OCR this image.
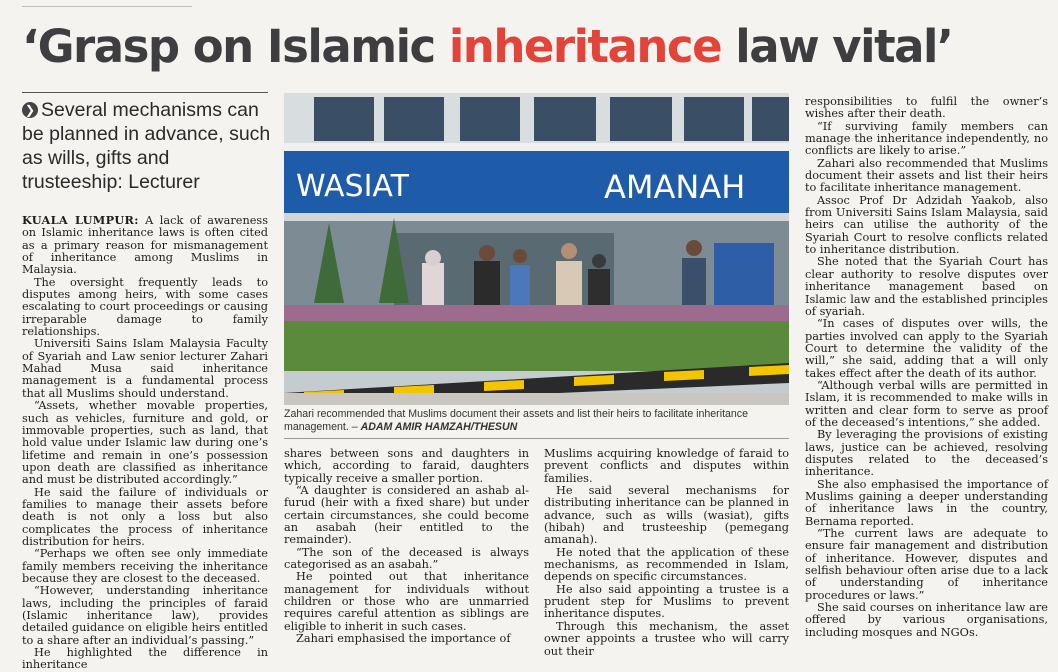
‘Grasp on Islamic inheritance law vital’
❯ Several mechanisms can be planned in advance, such as wills, gifts and trusteeship: Lecturer

KUALA LUMPUR: A lack of awareness on Islamic inheritance laws is often cited as a primary reason for mismanagement of inheritance among Muslims in Malaysia.

The oversight frequently leads to disputes among heirs, with some cases escalating to court proceedings or causing irreparable damage to family relationships.

Universiti Sains Islam Malaysia Faculty of Syariah and Law senior lecturer Zahari Mahad Musa said inheritance management is a fundamental process that all Muslims should understand.

“Assets, whether movable properties, such as vehicles, furniture and gold, or immovable properties, such as land, that hold value under Islamic law during one’s lifetime and remain in one’s possession upon death are classified as inheritance and must be distributed accordingly.”

He said the failure of individuals or families to manage their assets before death is not only a loss but also complicates the process of inheritance distribution for heirs.

“Perhaps we often see only immediate family members receiving the inheritance because they are closest to the deceased.

“However, understanding inheritance laws, including the principles of faraid (Islamic inheritance law), provides detailed guidance on eligible heirs entitled to a share after an individual’s passing.”

He highlighted the difference in inheritance

WASIAT	AMANAH
Zahari recommended that Muslims document their assets and list their heirs to facilitate inheritance management. – ADAM AMIR HAMZAH/THESUN

shares between sons and daughters in which, according to faraid, daughters typically receive a smaller portion.

“A daughter is considered an ashab al-furud (heir with a fixed share) but under certain circumstances, she could become an asabah (heir entitled to the remainder).

“The son of the deceased is always categorised as an asabah.”

He pointed out that inheritance management for individuals without children or those who are unmarried requires careful attention as siblings are eligible to inherit in such cases.

Zahari emphasised the importance of

Muslims acquiring knowledge of faraid to prevent conflicts and disputes within families.

He said several mechanisms for distributing inheritance can be planned in advance, such as wills (wasiat), gifts (hibah) and trusteeship (pemegang amanah).

He noted that the application of these mechanisms, as recommended in Islam, depends on specific circumstances.

He also said appointing a trustee is a prudent step for Muslims to prevent inheritance disputes.

Through this mechanism, the asset owner appoints a trustee who will carry out their

responsibilities to fulfil the owner’s wishes after their death.

“If surviving family members can manage the inheritance independently, no conflicts are likely to arise.”

Zahari also recommended that Muslims document their assets and list their heirs to facilitate inheritance management.

Assoc Prof Dr Adzidah Yaakob, also from Universiti Sains Islam Malaysia, said heirs can utilise the authority of the Syariah Court to resolve conflicts related to inheritance distribution.

She noted that the Syariah Court has clear authority to resolve disputes over inheritance management based on Islamic law and the established principles of syariah.

“In cases of disputes over wills, the parties involved can apply to the Syariah Court to determine the validity of the will,” she said, adding that a will only takes effect after the death of its author.

“Although verbal wills are permitted in Islam, it is recommended to make wills in written and clear form to serve as proof of the deceased’s intentions,” she added.

By leveraging the provisions of existing laws, justice can be achieved, resolving disputes related to the deceased’s inheritance.

She also emphasised the importance of Muslims gaining a deeper understanding of inheritance laws in the country, Bernama reported.

“The current laws are adequate to ensure fair management and distribution of inheritance. However, disputes and selfish behaviour often arise due to a lack of understanding of inheritance procedures or laws.”

She said courses on inheritance law are offered by various organisations, including mosques and NGOs.
